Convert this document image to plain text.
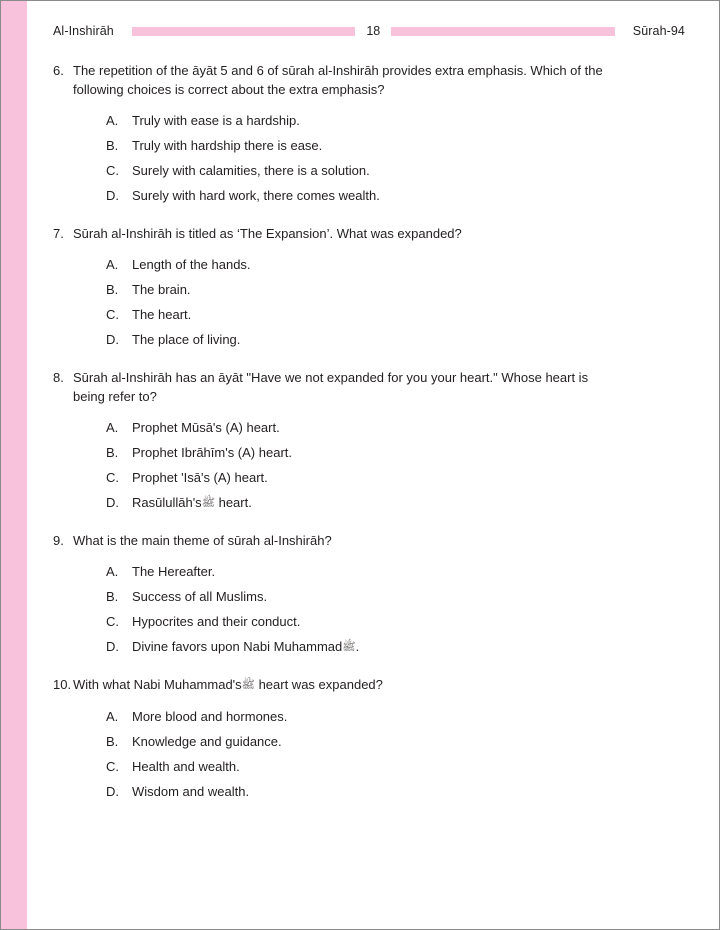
Al-Inshirāh	18	Sūrah-94
6. The repetition of the āyāt 5 and 6 of sūrah al-Inshirāh provides extra emphasis. Which of the following choices is correct about the extra emphasis?
A.	Truly with ease is a hardship.
B.	Truly with hardship there is ease.
C.	Surely with calamities, there is a solution.
D.	Surely with hard work, there comes wealth.
7. Sūrah al-Inshirāh is titled as ‘The Expansion’. What was expanded?
A.	Length of the hands.
B.	The brain.
C.	The heart.
D.	The place of living.
8. Sūrah al-Inshirāh has an āyāt "Have we not expanded for you your heart." Whose heart is being refer to?
A.	Prophet Mūsā's (A) heart.
B.	Prophet Ibrāhīm's (A) heart.
C.	Prophet 'Isā's (A) heart.
D.	Rasūlullāh'sﷺ heart.
9. What is the main theme of sūrah al-Inshirāh?
A.	The Hereafter.
B.	Success of all Muslims.
C.	Hypocrites and their conduct.
D.	Divine favors upon Nabi Muhammadﷺ.
10. With what Nabi Muhammad'sﷺ heart was expanded?
A.	More blood and hormones.
B.	Knowledge and guidance.
C.	Health and wealth.
D.	Wisdom and wealth.
